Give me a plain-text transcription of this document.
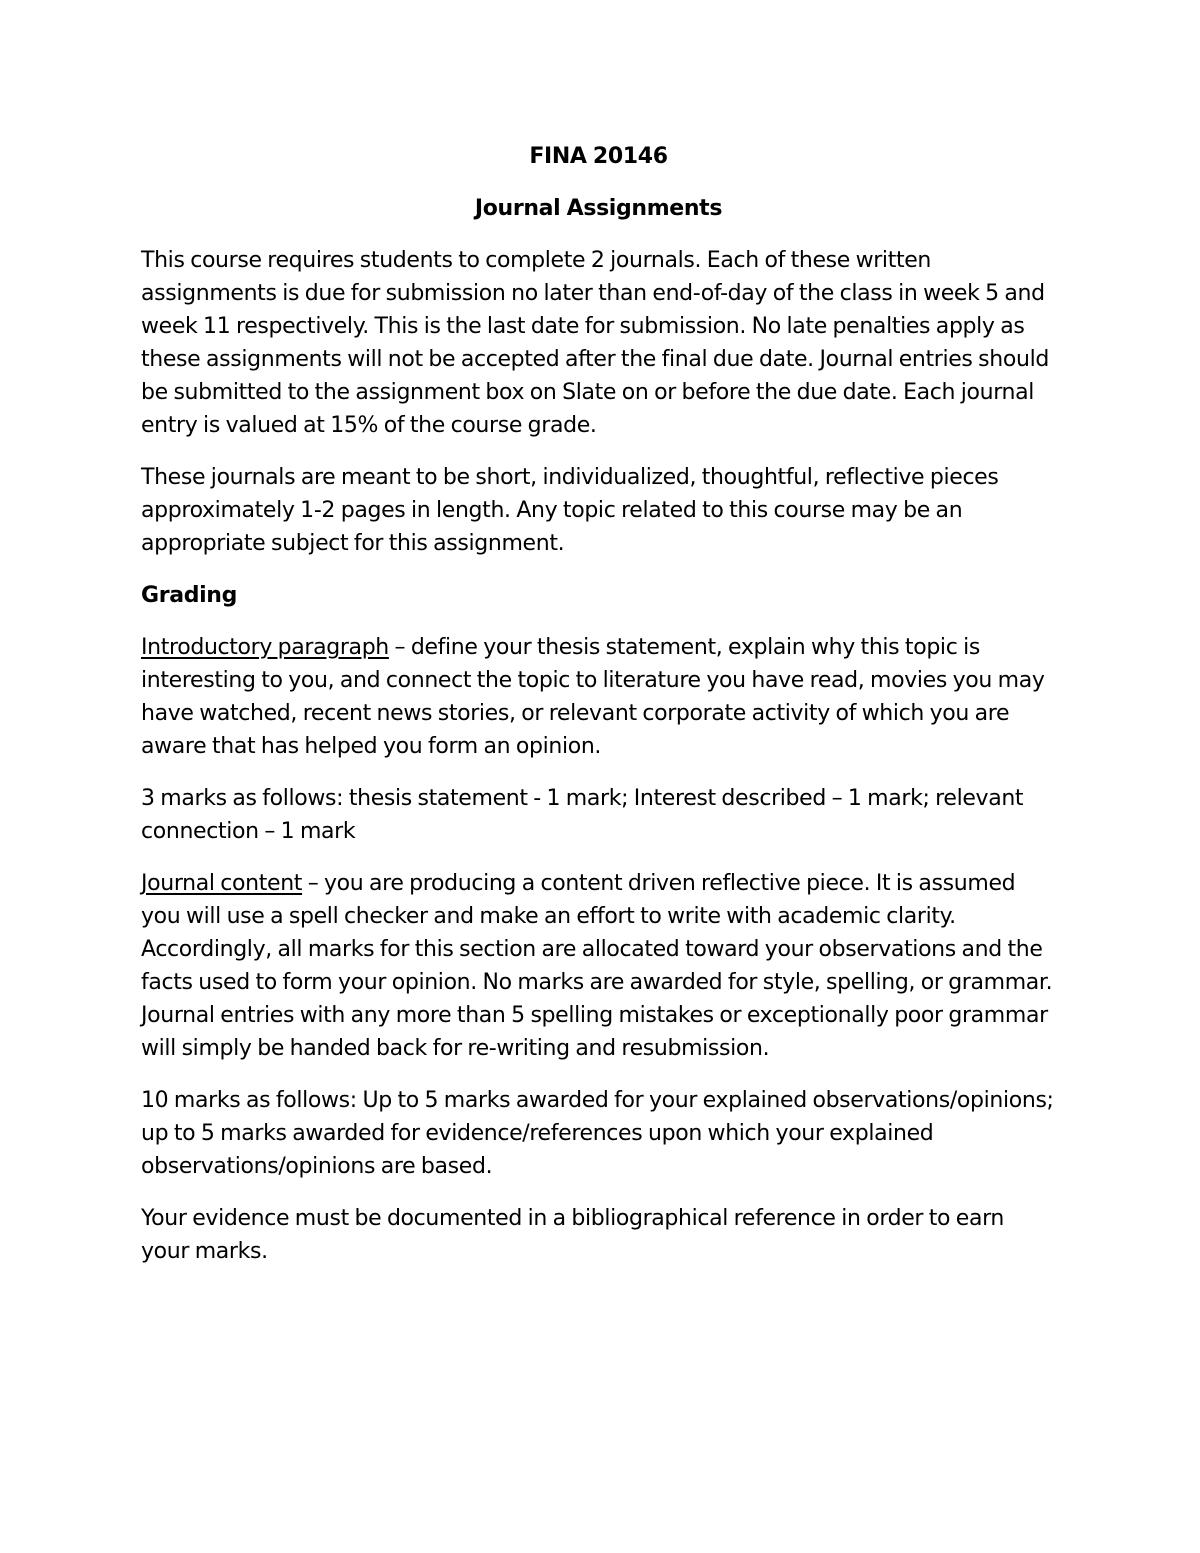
FINA 20146

Journal Assignments

This course requires students to complete 2 journals. Each of these written assignments is due for submission no later than end-of-day of the class in week 5 and week 11 respectively. This is the last date for submission. No late penalties apply as these assignments will not be accepted after the final due date. Journal entries should be submitted to the assignment box on Slate on or before the due date. Each journal entry is valued at 15% of the course grade.

These journals are meant to be short, individualized, thoughtful, reflective pieces approximately 1-2 pages in length. Any topic related to this course may be an appropriate subject for this assignment.

Grading

Introductory paragraph – define your thesis statement, explain why this topic is interesting to you, and connect the topic to literature you have read, movies you may have watched, recent news stories, or relevant corporate activity of which you are aware that has helped you form an opinion.

3 marks as follows: thesis statement - 1 mark; Interest described – 1 mark; relevant connection – 1 mark

Journal content – you are producing a content driven reflective piece. It is assumed you will use a spell checker and make an effort to write with academic clarity. Accordingly, all marks for this section are allocated toward your observations and the facts used to form your opinion. No marks are awarded for style, spelling, or grammar. Journal entries with any more than 5 spelling mistakes or exceptionally poor grammar will simply be handed back for re-writing and resubmission.

10 marks as follows: Up to 5 marks awarded for your explained observations/opinions; up to 5 marks awarded for evidence/references upon which your explained observations/opinions are based.

Your evidence must be documented in a bibliographical reference in order to earn your marks.
